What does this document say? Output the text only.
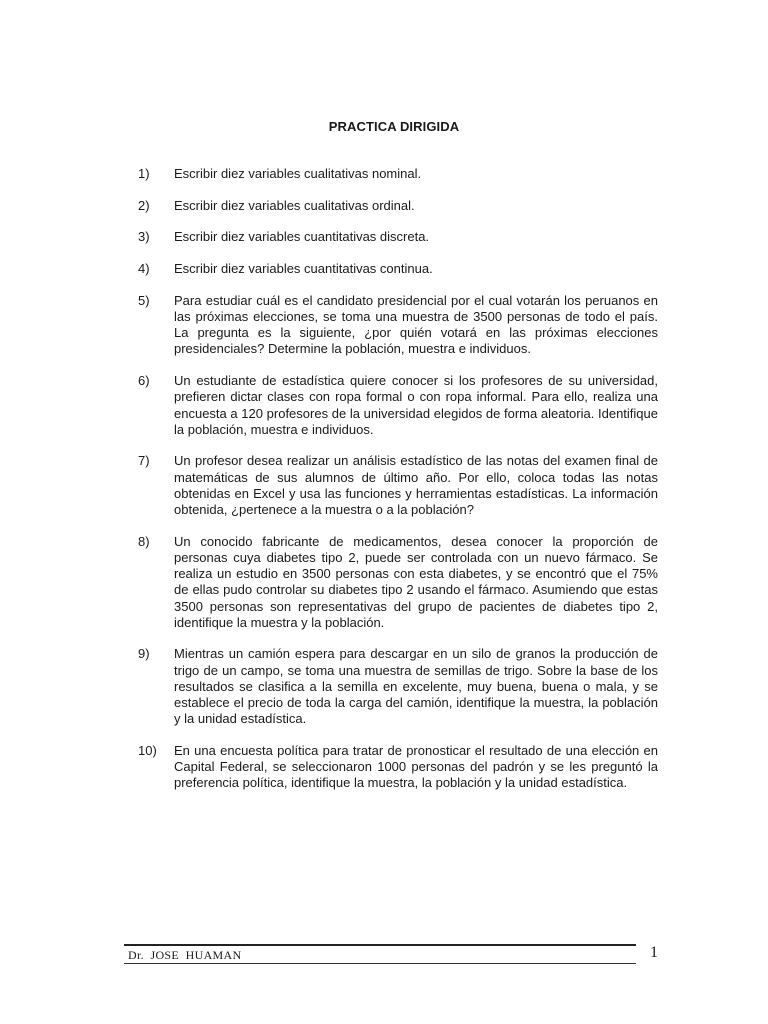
PRACTICA DIRIGIDA
1)	Escribir diez variables cualitativas nominal.
2)	Escribir diez variables cualitativas ordinal.
3)	Escribir diez variables cuantitativas discreta.
4)	Escribir diez variables cuantitativas continua.
5)	Para estudiar cuál es el candidato presidencial por el cual votarán los peruanos en las próximas elecciones, se toma una muestra de 3500 personas de todo el país. La pregunta es la siguiente, ¿por quién votará en las próximas elecciones presidenciales? Determine la población, muestra e individuos.
6)	Un estudiante de estadística quiere conocer si los profesores de su universidad, prefieren dictar clases con ropa formal o con ropa informal. Para ello, realiza una encuesta a 120 profesores de la universidad elegidos de forma aleatoria. Identifique la población, muestra e individuos.
7)	Un profesor desea realizar un análisis estadístico de las notas del examen final de matemáticas de sus alumnos de último año. Por ello, coloca todas las notas obtenidas en Excel y usa las funciones y herramientas estadísticas. La información obtenida, ¿pertenece a la muestra o a la población?
8)	Un conocido fabricante de medicamentos, desea conocer la proporción de personas cuya diabetes tipo 2, puede ser controlada con un nuevo fármaco. Se realiza un estudio en 3500 personas con esta diabetes, y se encontró que el 75% de ellas pudo controlar su diabetes tipo 2 usando el fármaco. Asumiendo que estas 3500 personas son representativas del grupo de pacientes de diabetes tipo 2, identifique la muestra y la población.
9)	Mientras un camión espera para descargar en un silo de granos la producción de trigo de un campo, se toma una muestra de semillas de trigo. Sobre la base de los resultados se clasifica a la semilla en excelente, muy buena, buena o mala, y se establece el precio de toda la carga del camión, identifique la muestra, la población y la unidad estadística.
10)	En una encuesta política para tratar de pronosticar el resultado de una elección en Capital Federal, se seleccionaron 1000 personas del padrón y se les preguntó la preferencia política, identifique la muestra, la población y la unidad estadística.
Dr.  JOSE  HUAMAN	1
